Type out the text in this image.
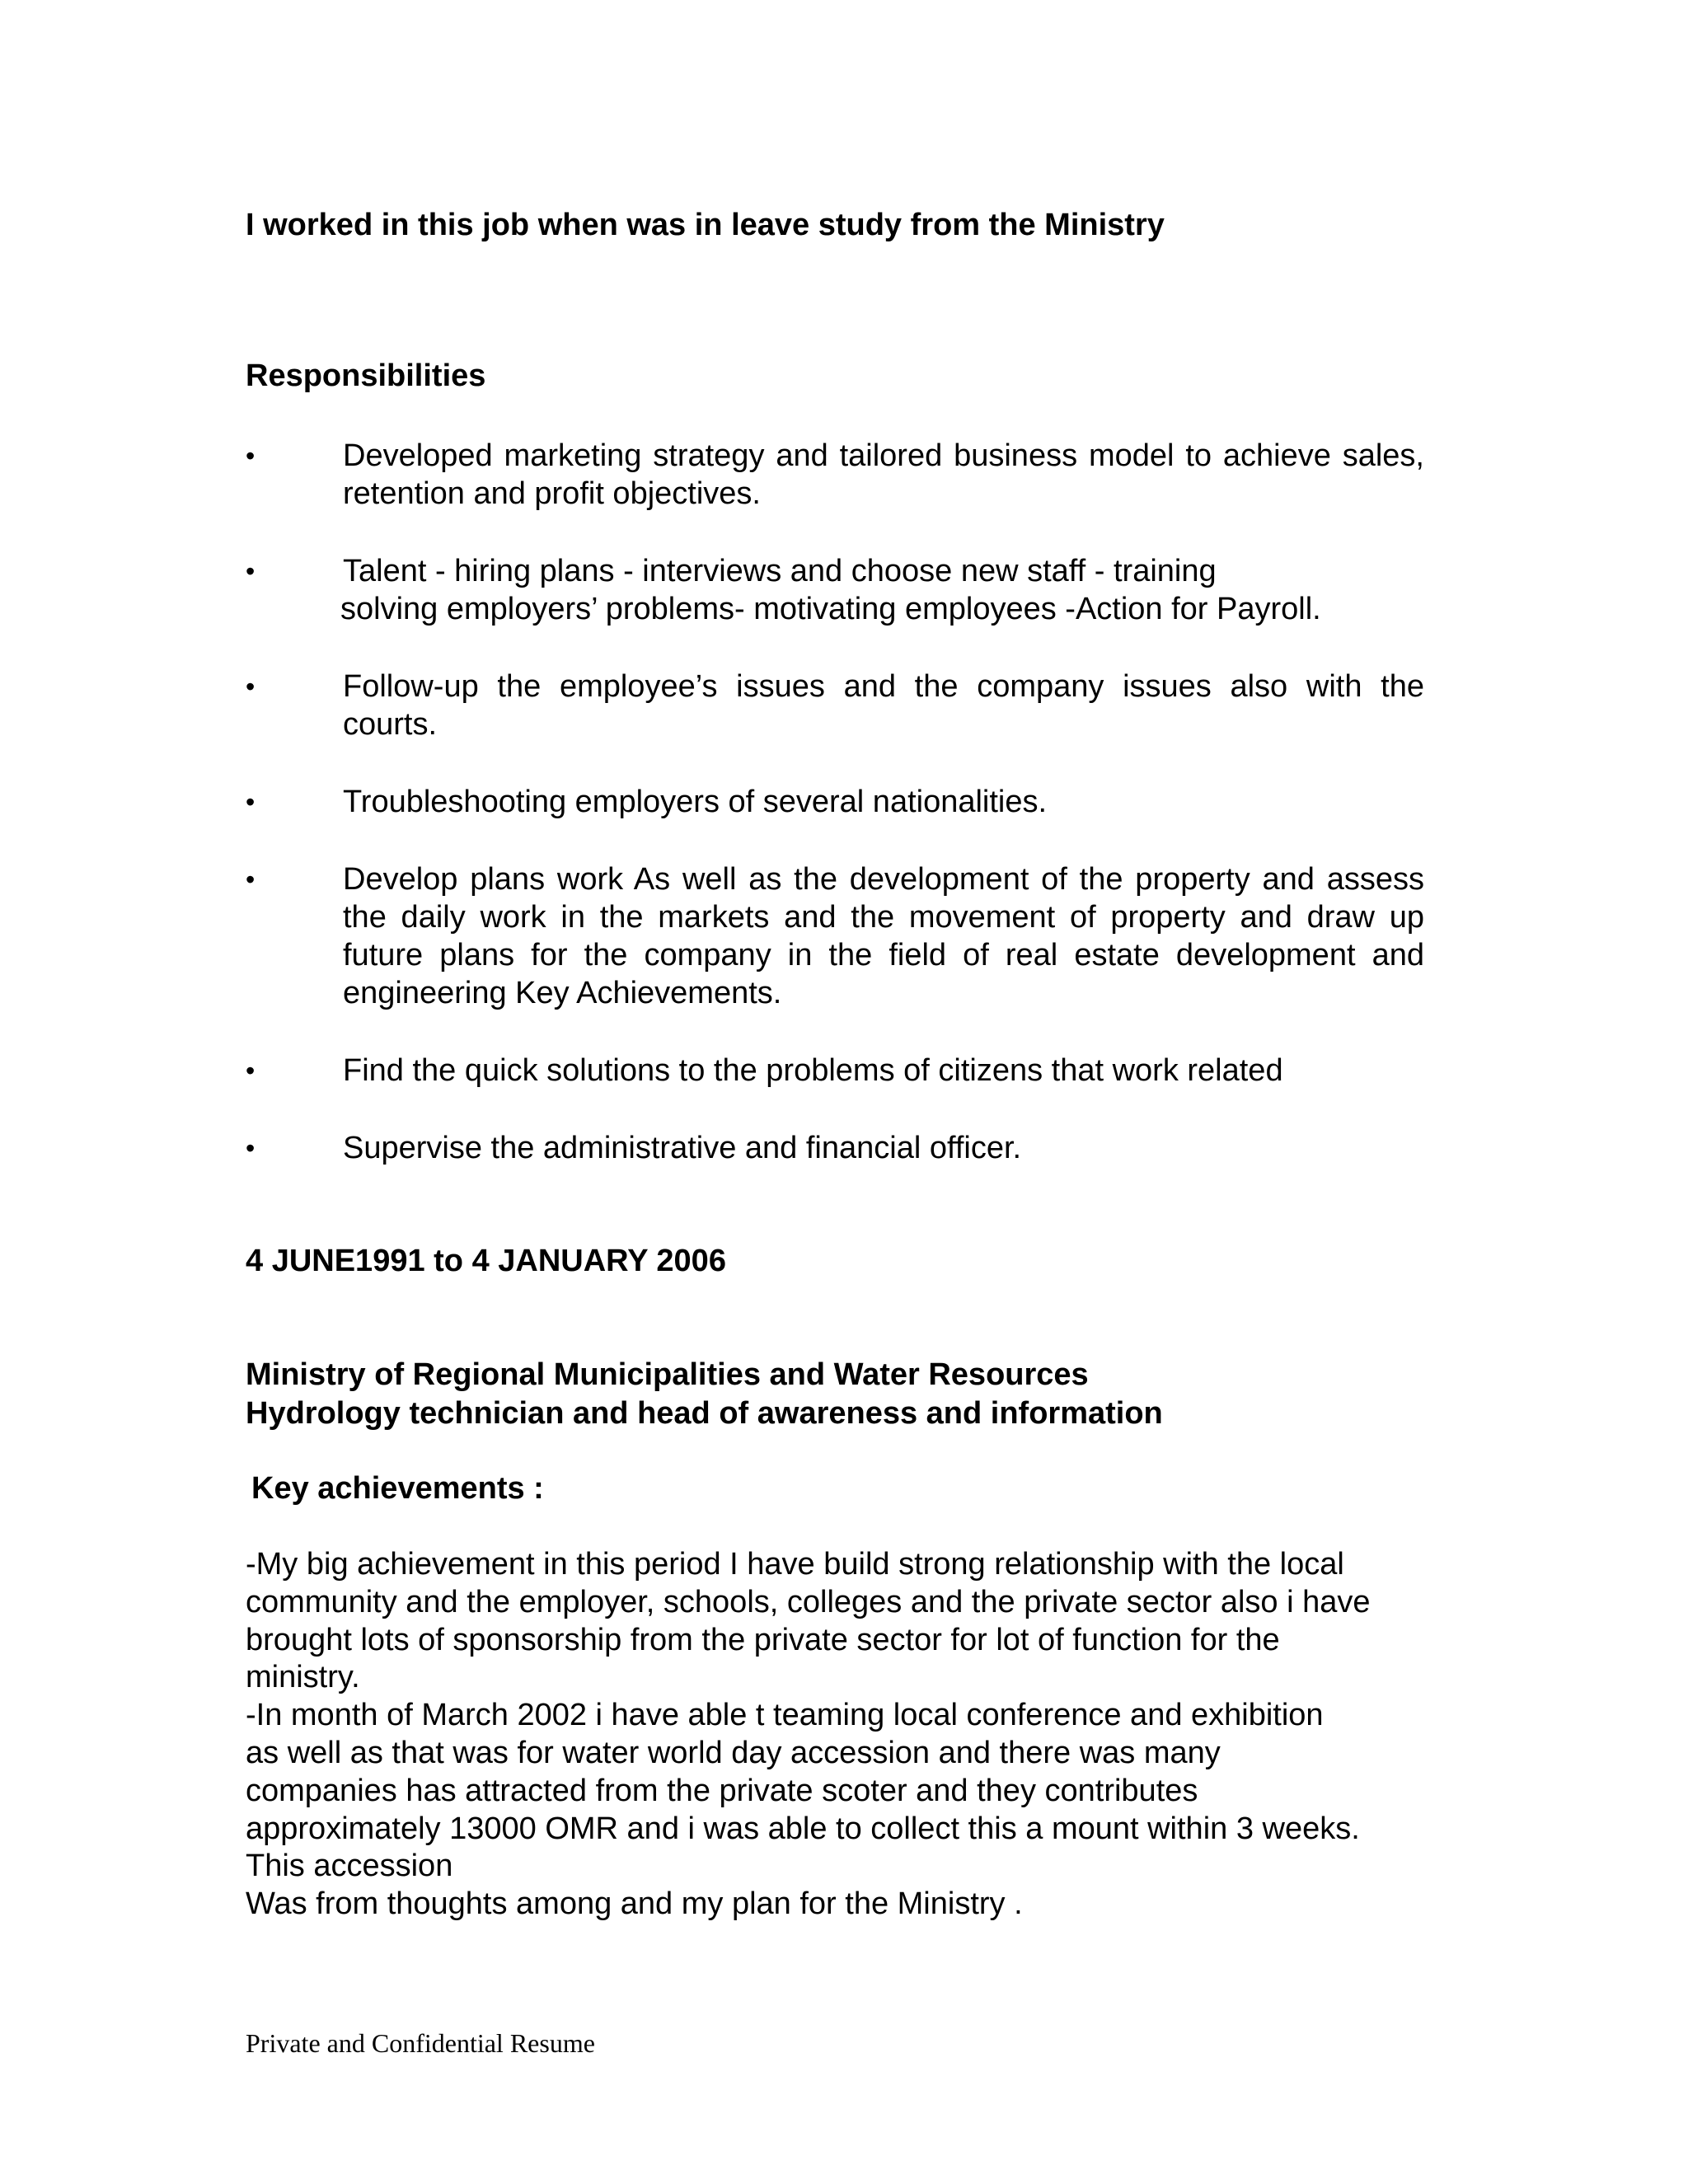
I worked in this job when was in leave study from the Ministry
Responsibilities
•	Developed marketing strategy and tailored business model to achieve sales, retention and profit objectives.
•	Talent - hiring plans - interviews and choose new staff - training
solving employers’ problems- motivating employees -Action for Payroll.
•	Follow-up the employee’s issues and the company issues also with the courts.
•	Troubleshooting employers of several nationalities.
•	Develop plans work As well as the development of the property and assess the daily work in the markets and the movement of property and draw up future plans for the company in the field of real estate development and engineering Key Achievements.
•	Find the quick solutions to the problems of citizens that work related
•	Supervise the administrative and financial officer.
4 JUNE1991 to 4 JANUARY 2006
Ministry of Regional Municipalities and Water Resources
Hydrology technician and head of awareness and information
Key achievements :

-My big achievement in this period I have build strong relationship with the local

community and the employer, schools, colleges and the private sector also i have

brought lots of sponsorship from the private sector for lot of function for the

ministry.

-In month of March 2002 i have able t teaming local conference and exhibition

as well as that was for water world day accession and there was many

companies has attracted from the private scoter and they contributes

approximately 13000 OMR and i was able to collect this a mount within 3 weeks.

This accession

Was from thoughts among and my plan for the Ministry .

Private and Confidential Resume
